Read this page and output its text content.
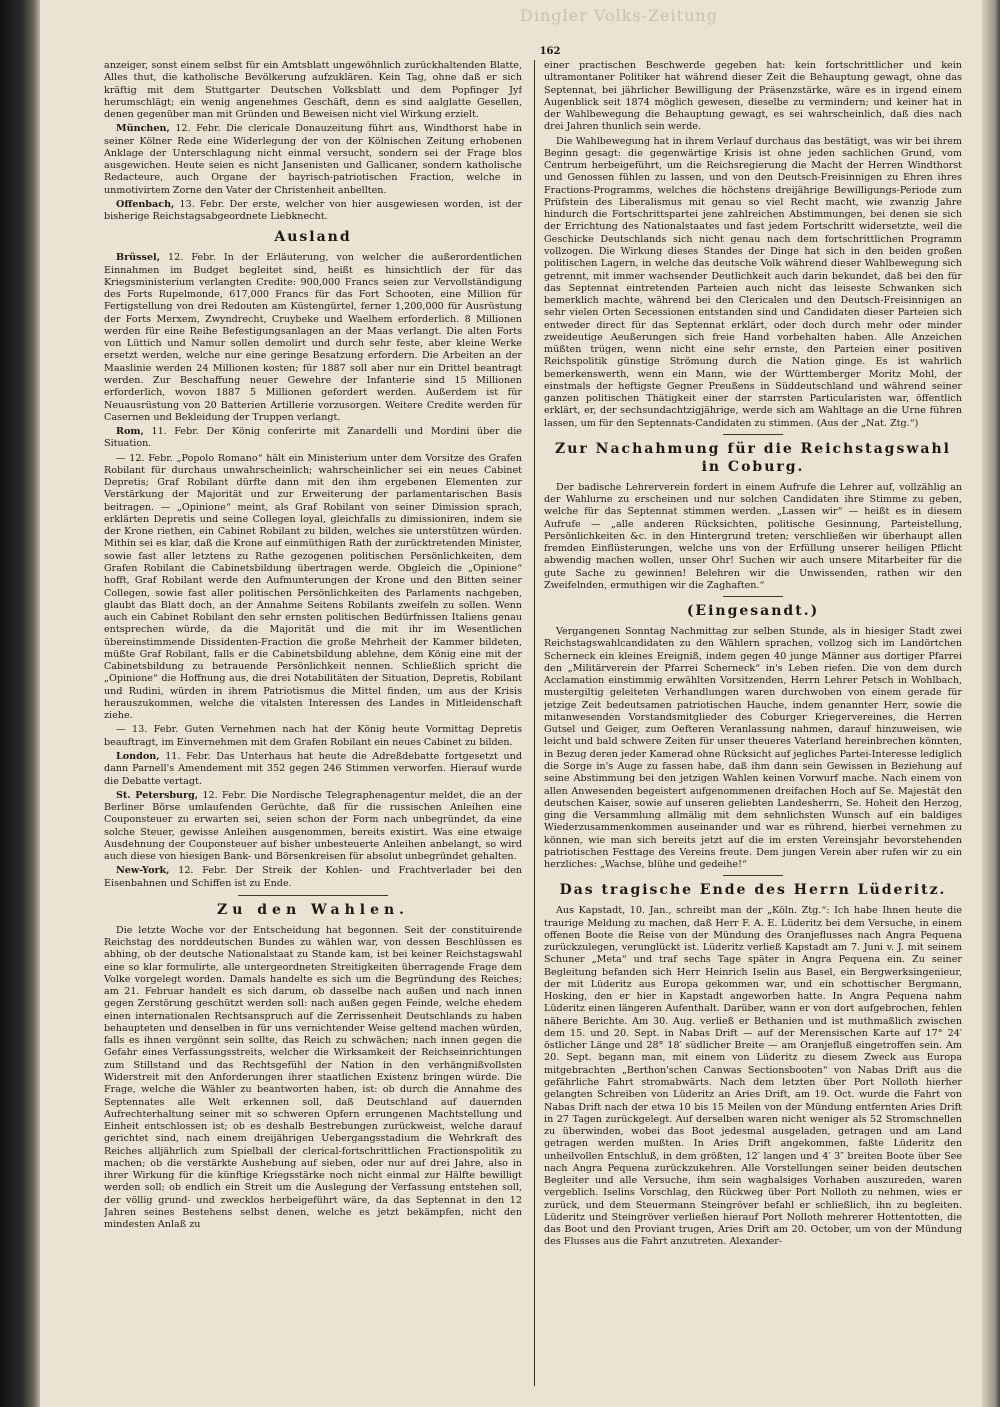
Dingler Volks-Zeitung
162

anzeiger, sonst einem selbst für ein Amtsblatt ungewöhnlich zurückhaltenden Blatte, Alles thut, die katholische Bevölkerung aufzuklären. Kein Tag, ohne daß er sich kräftig mit dem Stuttgarter Deutschen Volksblatt und dem Popfinger Jyf herumschlägt; ein wenig angenehmes Geschäft, denn es sind aalglatte Gesellen, denen gegenüber man mit Gründen und Beweisen nicht viel Wirkung erzielt.

München, 12. Febr. Die clericale Donauzeitung führt aus, Windthorst habe in seiner Kölner Rede eine Widerlegung der von der Kölnischen Zeitung erhobenen Anklage der Unterschlagung nicht einmal versucht, sondern sei der Frage blos ausgewichen. Heute seien es nicht Jansenisten und Gallicaner, sondern katholische Redacteure, auch Organe der bayrisch-patriotischen Fraction, welche in unmotivirtem Zorne den Vater der Christenheit anbellten.

Offenbach, 13. Febr. Der erste, welcher von hier ausgewiesen worden, ist der bisherige Reichstagsabgeordnete Liebknecht.

Ausland

Brüssel, 12. Febr. In der Erläuterung, von welcher die außerordentlichen Einnahmen im Budget begleitet sind, heißt es hinsichtlich der für das Kriegsministerium verlangten Credite: 900,000 Francs seien zur Vervollständigung des Forts Rupelmonde, 617,000 Francs für das Fort Schooten, eine Million für Fertigstellung von drei Redouten am Küstengürtel, ferner 1,200,000 für Ausrüstung der Forts Merxem, Zwyndrecht, Cruybeke und Waelhem erforderlich. 8 Millionen werden für eine Reihe Befestigungsanlagen an der Maas verlangt. Die alten Forts von Lüttich und Namur sollen demolirt und durch sehr feste, aber kleine Werke ersetzt werden, welche nur eine geringe Besatzung erfordern. Die Arbeiten an der Maaslinie werden 24 Millionen kosten; für 1887 soll aber nur ein Drittel beantragt werden. Zur Beschaffung neuer Gewehre der Infanterie sind 15 Millionen erforderlich, wovon 1887 5 Millionen gefordert werden. Außerdem ist für Neuausrüstung von 20 Batterien Artillerie vorzusorgen. Weitere Credite werden für Casernen und Bekleidung der Truppen verlangt.

Rom, 11. Febr. Der König conferirte mit Zanardelli und Mordini über die Situation.

— 12. Febr. „Popolo Romano“ hält ein Ministerium unter dem Vorsitze des Grafen Robilant für durchaus unwahrscheinlich; wahrscheinlicher sei ein neues Cabinet Depretis; Graf Robilant dürfte dann mit den ihm ergebenen Elementen zur Verstärkung der Majorität und zur Erweiterung der parlamentarischen Basis beitragen. — „Opinione“ meint, als Graf Robilant von seiner Dimission sprach, erklärten Depretis und seine Collegen loyal, gleichfalls zu dimissioniren, indem sie der Krone riethen, ein Cabinet Robilant zu bilden, welches sie unterstützen würden. Mithin sei es klar, daß die Krone auf einmüthigen Rath der zurücktretenden Minister, sowie fast aller letztens zu Rathe gezogenen politischen Persönlichkeiten, dem Grafen Robilant die Cabinetsbildung übertragen werde. Obgleich die „Opinione“ hofft, Graf Robilant werde den Aufmunterungen der Krone und den Bitten seiner Collegen, sowie fast aller politischen Persönlichkeiten des Parlaments nachgeben, glaubt das Blatt doch, an der Annahme Seitens Robilants zweifeln zu sollen. Wenn auch ein Cabinet Robilant den sehr ernsten politischen Bedürfnissen Italiens genau entsprechen würde, da die Majorität und die mit ihr im Wesentlichen übereinstimmende Dissidenten-Fraction die große Mehrheit der Kammer bildeten, müßte Graf Robilant, falls er die Cabinetsbildung ablehne, dem König eine mit der Cabinetsbildung zu betrauende Persönlichkeit nennen. Schließlich spricht die „Opinione“ die Hoffnung aus, die drei Notabilitäten der Situation, Depretis, Robilant und Rudini, würden in ihrem Patriotismus die Mittel finden, um aus der Krisis herauszukommen, welche die vitalsten Interessen des Landes in Mitleidenschaft ziehe.

— 13. Febr. Guten Vernehmen nach hat der König heute Vormittag Depretis beauftragt, im Einvernehmen mit dem Grafen Robilant ein neues Cabinet zu bilden.

London, 11. Febr. Das Unterhaus hat heute die Adreßdebatte fortgesetzt und dann Parnell's Amendement mit 352 gegen 246 Stimmen verworfen. Hierauf wurde die Debatte vertagt.

St. Petersburg, 12. Febr. Die Nordische Telegraphenagentur meldet, die an der Berliner Börse umlaufenden Gerüchte, daß für die russischen Anleihen eine Couponsteuer zu erwarten sei, seien schon der Form nach unbegründet, da eine solche Steuer, gewisse Anleihen ausgenommen, bereits existirt. Was eine etwaige Ausdehnung der Couponsteuer auf bisher unbesteuerte Anleihen anbelangt, so wird auch diese von hiesigen Bank- und Börsenkreisen für absolut unbegründet gehalten.

New-York, 12. Febr. Der Streik der Kohlen- und Frachtverlader bei den Eisenbahnen und Schiffen ist zu Ende.

Zu den Wahlen.

Die letzte Woche vor der Entscheidung hat begonnen. Seit der constituirende Reichstag des norddeutschen Bundes zu wählen war, von dessen Beschlüssen es abhing, ob der deutsche Nationalstaat zu Stande kam, ist bei keiner Reichstagswahl eine so klar formulirte, alle untergeordneten Streitigkeiten überragende Frage dem Volke vorgelegt worden. Damals handelte es sich um die Begründung des Reiches; am 21. Februar handelt es sich darum, ob dasselbe nach außen und nach innen gegen Zerstörung geschützt werden soll: nach außen gegen Feinde, welche ehedem einen internationalen Rechtsanspruch auf die Zerrissenheit Deutschlands zu haben behaupteten und denselben in für uns vernichtender Weise geltend machen würden, falls es ihnen vergönnt sein sollte, das Reich zu schwächen; nach innen gegen die Gefahr eines Verfassungsstreits, welcher die Wirksamkeit der Reichseinrichtungen zum Stillstand und das Rechtsgefühl der Nation in den verhängnißvollsten Widerstreit mit den Anforderungen ihrer staatlichen Existenz bringen würde. Die Frage, welche die Wähler zu beantworten haben, ist: ob durch die Annahme des Septennates alle Welt erkennen soll, daß Deutschland auf dauernden Aufrechterhaltung seiner mit so schweren Opfern errungenen Machtstellung und Einheit entschlossen ist; ob es deshalb Bestrebungen zurückweist, welche darauf gerichtet sind, nach einem dreijährigen Uebergangsstadium die Wehrkraft des Reiches alljährlich zum Spielball der clerical-fortschrittlichen Fractionspolitik zu machen; ob die verstärkte Aushebung auf sieben, oder nur auf drei Jahre, also in ihrer Wirkung für die künftige Kriegsstärke noch nicht einmal zur Hälfte bewilligt werden soll; ob endlich ein Streit um die Auslegung der Verfassung entstehen soll, der völlig grund- und zwecklos herbeigeführt wäre, da das Septennat in den 12 Jahren seines Bestehens selbst denen, welche es jetzt bekämpfen, nicht den mindesten Anlaß zu

einer practischen Beschwerde gegeben hat: kein fortschrittlicher und kein ultramontaner Politiker hat während dieser Zeit die Behauptung gewagt, ohne das Septennat, bei jährlicher Bewilligung der Präsenzstärke, wäre es in irgend einem Augenblick seit 1874 möglich gewesen, dieselbe zu vermindern; und keiner hat in der Wahlbewegung die Behauptung gewagt, es sei wahrscheinlich, daß dies nach drei Jahren thunlich sein werde.

Die Wahlbewegung hat in ihrem Verlauf durchaus das bestätigt, was wir bei ihrem Beginn gesagt: die gegenwärtige Krisis ist ohne jeden sachlichen Grund, vom Centrum herbeigeführt, um die Reichsregierung die Macht der Herren Windthorst und Genossen fühlen zu lassen, und von den Deutsch-Freisinnigen zu Ehren ihres Fractions-Programms, welches die höchstens dreijährige Bewilligungs-Periode zum Prüfstein des Liberalismus mit genau so viel Recht macht, wie zwanzig Jahre hindurch die Fortschrittspartei jene zahlreichen Abstimmungen, bei denen sie sich der Errichtung des Nationalstaates und fast jedem Fortschritt widersetzte, weil die Geschicke Deutschlands sich nicht genau nach dem fortschrittlichen Programm vollzogen. Die Wirkung dieses Standes der Dinge hat sich in den beiden großen politischen Lagern, in welche das deutsche Volk während dieser Wahlbewegung sich getrennt, mit immer wachsender Deutlichkeit auch darin bekundet, daß bei den für das Septennat eintretenden Parteien auch nicht das leiseste Schwanken sich bemerklich machte, während bei den Clericalen und den Deutsch-Freisinnigen an sehr vielen Orten Secessionen entstanden sind und Candidaten dieser Parteien sich entweder direct für das Septennat erklärt, oder doch durch mehr oder minder zweideutige Aeußerungen sich freie Hand vorbehalten haben. Alle Anzeichen müßten trügen, wenn nicht eine sehr ernste, den Parteien einer positiven Reichspolitik günstige Strömung durch die Nation ginge. Es ist wahrlich bemerkenswerth, wenn ein Mann, wie der Württemberger Moritz Mohl, der einstmals der heftigste Gegner Preußens in Süddeutschland und während seiner ganzen politischen Thätigkeit einer der starrsten Particularisten war, öffentlich erklärt, er, der sechsundachtzigjährige, werde sich am Wahltage an die Urne führen lassen, um für den Septennats-Candidaten zu stimmen. (Aus der „Nat. Ztg.“)

Zur Nachahmung für die Reichstagswahl in Coburg.

Der badische Lehrerverein fordert in einem Aufrufe die Lehrer auf, vollzählig an der Wahlurne zu erscheinen und nur solchen Candidaten ihre Stimme zu geben, welche für das Septennat stimmen werden. „Lassen wir“ — heißt es in diesem Aufrufe — „alle anderen Rücksichten, politische Gesinnung, Parteistellung, Persönlichkeiten &c. in den Hintergrund treten; verschließen wir überhaupt allen fremden Einflüsterungen, welche uns von der Erfüllung unserer heiligen Pflicht abwendig machen wollen, unser Ohr! Suchen wir auch unsere Mitarbeiter für die gute Sache zu gewinnen! Belehren wir die Unwissenden, rathen wir den Zweifelnden, ermuthigen wir die Zaghaften.“

(Eingesandt.)

Vergangenen Sonntag Nachmittag zur selben Stunde, als in hiesiger Stadt zwei Reichstagswahlcandidaten zu den Wählern sprachen, vollzog sich im Landörtchen Scherneck ein kleines Ereigniß, indem gegen 40 junge Männer aus dortiger Pfarrei den „Militärverein der Pfarrei Scherneck“ in's Leben riefen. Die von dem durch Acclamation einstimmig erwählten Vorsitzenden, Herrn Lehrer Petsch in Wohlbach, mustergiltig geleiteten Verhandlungen waren durchwoben von einem gerade für jetzige Zeit bedeutsamen patriotischen Hauche, indem genannter Herr, sowie die mitanwesenden Vorstandsmitglieder des Coburger Kriegervereines, die Herren Gutsel und Geiger, zum Oefteren Veranlassung nahmen, darauf hinzuweisen, wie leicht und bald schwere Zeiten für unser theueres Vaterland hereinbrechen könnten, in Bezug deren jeder Kamerad ohne Rücksicht auf jegliches Partei-Interesse lediglich die Sorge in's Auge zu fassen habe, daß ihm dann sein Gewissen in Beziehung auf seine Abstimmung bei den jetzigen Wahlen keinen Vorwurf mache. Nach einem von allen Anwesenden begeistert aufgenommenen dreifachen Hoch auf Se. Majestät den deutschen Kaiser, sowie auf unseren geliebten Landesherrn, Se. Hoheit den Herzog, ging die Versammlung allmälig mit dem sehnlichsten Wunsch auf ein baldiges Wiederzusammenkommen auseinander und war es rührend, hierbei vernehmen zu können, wie man sich bereits jetzt auf die im ersten Vereinsjahr bevorstehenden patriotischen Festtage des Vereins freute. Dem jungen Verein aber rufen wir zu ein herzliches: „Wachse, blühe und gedeihe!“

Das tragische Ende des Herrn Lüderitz.

Aus Kapstadt, 10. Jan., schreibt man der „Köln. Ztg.“: Ich habe Ihnen heute die traurige Meldung zu machen, daß Herr F. A. E. Lüderitz bei dem Versuche, in einem offenen Boote die Reise von der Mündung des Oranjeflusses nach Angra Pequena zurückzulegen, verunglückt ist. Lüderitz verließ Kapstadt am 7. Juni v. J. mit seinem Schuner „Meta“ und traf sechs Tage später in Angra Pequena ein. Zu seiner Begleitung befanden sich Herr Heinrich Iselin aus Basel, ein Bergwerksingenieur, der mit Lüderitz aus Europa gekommen war, und ein schottischer Bergmann, Hosking, den er hier in Kapstadt angeworben hatte. In Angra Pequena nahm Lüderitz einen längeren Aufenthalt. Darüber, wann er von dort aufgebrochen, fehlen nähere Berichte. Am 30. Aug. verließ er Bethanien und ist muthmaßlich zwischen dem 15. und 20. Sept. in Nabas Drift — auf der Merensischen Karte auf 17° 24′ östlicher Länge und 28° 18′ südlicher Breite — am Oranjefluß eingetroffen sein. Am 20. Sept. begann man, mit einem von Lüderitz zu diesem Zweck aus Europa mitgebrachten „Berthon'schen Canwas Sectionsbooten“ von Nabas Drift aus die gefährliche Fahrt stromabwärts. Nach dem letzten über Port Nolloth hierher gelangten Schreiben von Lüderitz an Aries Drift, am 19. Oct. wurde die Fahrt von Nabas Drift nach der etwa 10 bis 15 Meilen von der Mündung entfernten Aries Drift in 27 Tagen zurückgelegt. Auf derselben waren nicht weniger als 52 Stromschnellen zu überwinden, wobei das Boot jedesmal ausgeladen, getragen und am Land getragen werden mußten. In Aries Drift angekommen, faßte Lüderitz den unheilvollen Entschluß, in dem größten, 12′ langen und 4′ 3″ breiten Boote über See nach Angra Pequena zurückzukehren. Alle Vorstellungen seiner beiden deutschen Begleiter und alle Versuche, ihm sein waghalsiges Vorhaben auszureden, waren vergeblich. Iselins Vorschlag, den Rückweg über Port Nolloth zu nehmen, wies er zurück, und dem Steuermann Steingröver befahl er schließlich, ihn zu begleiten. Lüderitz und Steingröver verließen hierauf Port Nolloth mehrerer Hottentotten, die das Boot und den Proviant trugen, Aries Drift am 20. October, um von der Mündung des Flusses aus die Fahrt anzutreten. Alexander-
